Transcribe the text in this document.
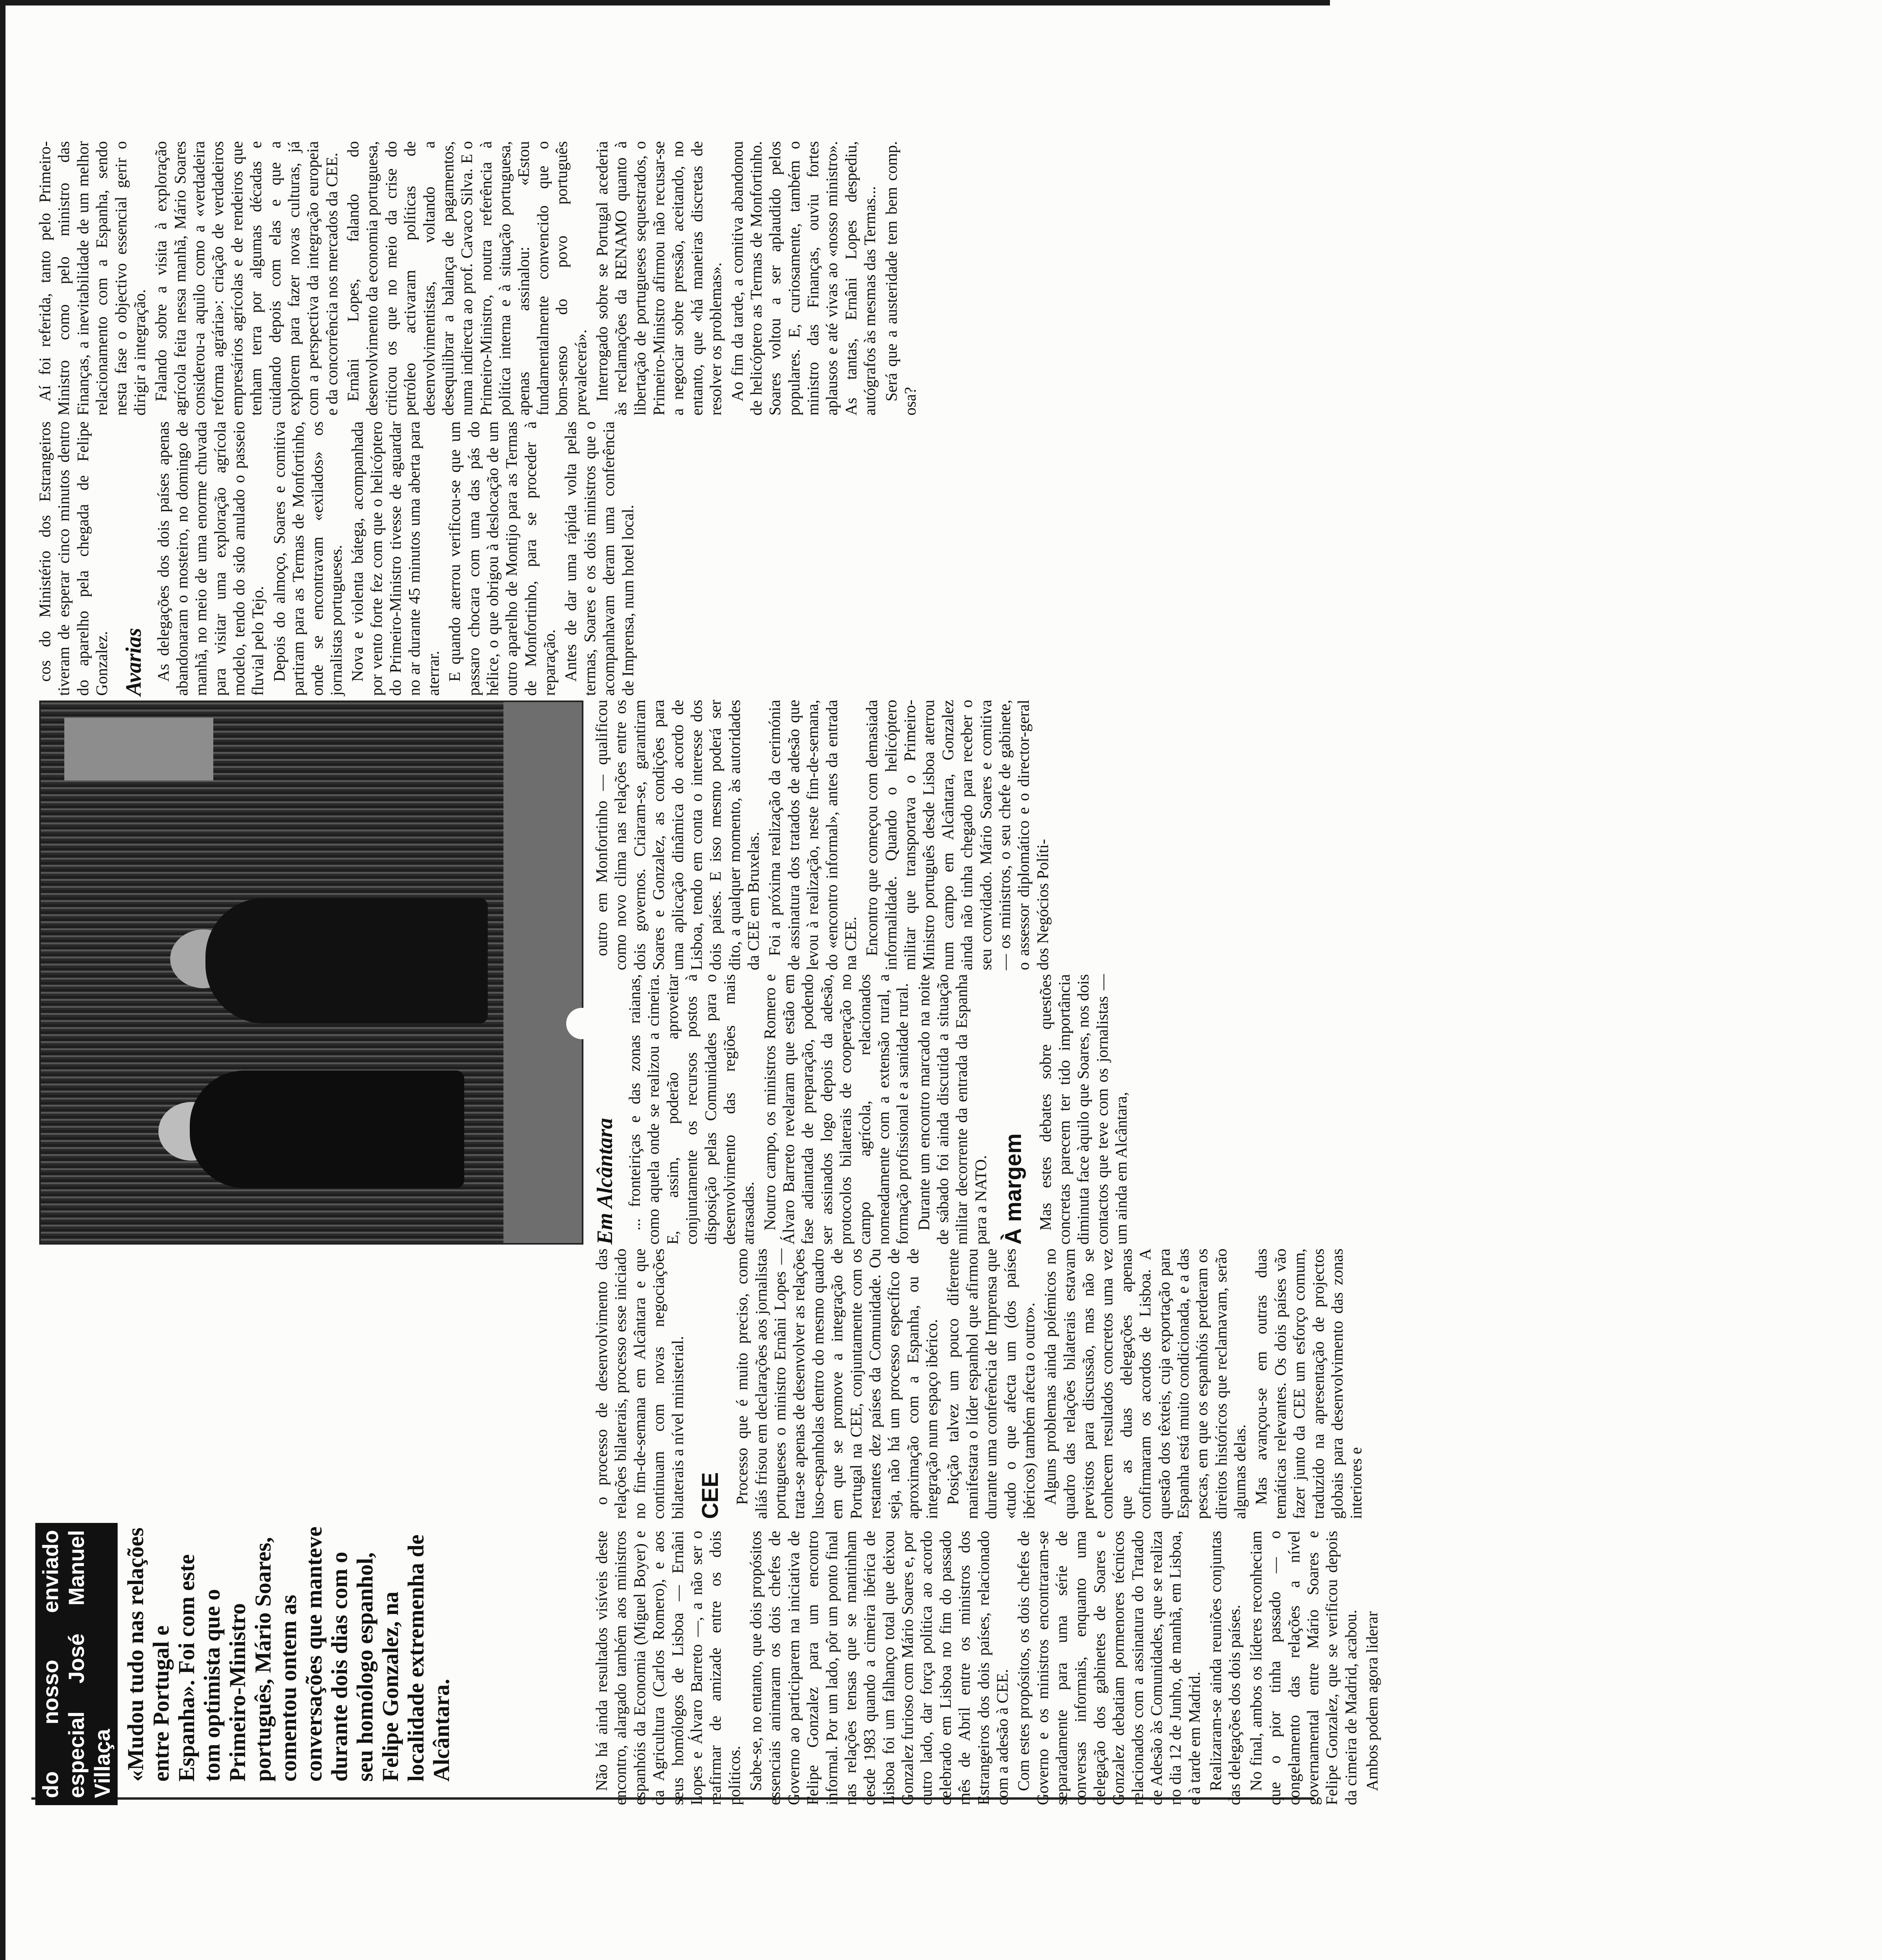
do nosso enviado especial José Manuel Villaça «Mudou tudo nas relações entre Portugal e Espanha». Foi com este tom optimista que o Primeiro-Ministro português, Mário Soares, comentou ontem as conversações que manteve durante dois dias com o seu homólogo espanhol, Felipe Gonzalez, na localidade extremenha de Alcântara.	Não há ainda resultados visíveis deste encontro, alargado também aos ministros espanhóis da Economia (Miguel Boyer) e da Agricultura (Carlos Romero), e aos seus homólogos de Lisboa — Ernâni Lopes e Álvaro Barreto —, a não ser o reafirmar de amizade entre os dois políticos. Sabe-se, no entanto, que dois propósitos essenciais animaram os dois chefes de Governo ao participarem na iniciativa de Felipe Gonzalez para um encontro informal. Por um lado, pôr um ponto final nas relações tensas que se mantinham desde 1983 quando a cimeira ibérica de Lisboa foi um falhanço total que deixou Gonzalez furioso com Mário Soares e, por outro lado, dar força política ao acordo celebrado em Lisboa no fim do passado mês de Abril entre os ministros dos Estrangeiros dos dois países, relacionado com a adesão à CEE. Com estes propósitos, os dois chefes de Governo e os ministros encontraram-se separadamente para uma série de conversas informais, enquanto uma delegação dos gabinetes de Soares e Gonzalez debatiam pormenores técnicos relacionados com a assinatura do Tratado de Adesão às Comunidades, que se realiza no dia 12 de Junho, de manhã, em Lisboa, e à tarde em Madrid. Realizaram-se ainda reuniões conjuntas das delegações dos dois países. No final, ambos os líderes reconheciam que o pior tinha passado — o congelamento das relações a nível governamental entre Mário Soares e Felipe Gonzalez, que se verificou depois da cimeira de Madrid, acabou. Ambos podem agora liderar

o processo de desenvolvimento das relações bilaterais, processo esse iniciado no fim-de-semana em Alcântara e que continuam com novas negociações bilaterais a nível ministerial. CEE Processo que é muito preciso, como aliás frisou em declarações aos jornalistas portugueses o ministro Ernâni Lopes — trata-se apenas de desenvolver as relações luso-espanholas dentro do mesmo quadro em que se promove a integração de Portugal na CEE, conjuntamente com os restantes dez países da Comunidade. Ou seja, não há um processo específico de aproximação com a Espanha, ou de integração num espaço ibérico. Posição talvez um pouco diferente manifestara o líder espanhol que afirmou durante uma conferência de Imprensa que «tudo o que afecta um (dos países ibéricos) também afecta o outro». Alguns problemas ainda polémicos no quadro das relações bilaterais estavam previstos para discussão, mas não se conhecem resultados concretos uma vez que as duas delegações apenas confirmaram os acordos de Lisboa. A questão dos têxteis, cuja exportação para Espanha está muito condicionada, e a das pescas, em que os espanhóis perderam os direitos históricos que reclamavam, serão algumas delas. Mas avançou-se em outras duas temáticas relevantes. Os dois países vão fazer junto da CEE um esforço comum, traduzido na apresentação de projectos globais para desenvolvimento das zonas interiores e

Em Alcântara ... fronteiriças e das zonas raianas, como aquela onde se realizou a cimeira. E, assim, poderão aproveitar conjuntamente os recursos postos à disposição pelas Comunidades para o desenvolvimento das regiões mais atrasadas. Noutro campo, os ministros Romero e Álvaro Barreto revelaram que estão em fase adiantada de preparação, podendo ser assinados logo depois da adesão, protocolos bilaterais de cooperação no campo agrícola, relacionados nomeadamente com a extensão rural, a formação profissional e a sanidade rural. Durante um encontro marcado na noite de sábado foi ainda discutida a situação militar decorrente da entrada da Espanha para a NATO. À margem Mas estes debates sobre questões concretas parecem ter tido importância diminuta face àquilo que Soares, nos dois contactos que teve com os jornalistas — um ainda em Alcântara,

outro em Monfortinho — qualificou como novo clima nas relações entre os dois governos. Criaram-se, garantiram Soares e Gonzalez, as condições para uma aplicação dinâmica do acordo de Lisboa, tendo em conta o interesse dos dois países. E isso mesmo poderá ser dito, a qualquer momento, às autoridades da CEE em Bruxelas. Foi a próxima realização da cerimónia de assinatura dos tratados de adesão que levou à realização, neste fim-de-semana, do «encontro informal», antes da entrada na CEE. Encontro que começou com demasiada informalidade. Quando o helicóptero militar que transportava o Primeiro-Ministro português desde Lisboa aterrou num campo em Alcântara, Gonzalez ainda não tinha chegado para receber o seu convidado. Mário Soares e comitiva — os ministros, o seu chefe de gabinete, o assessor diplomático e o director-geral dos Negócios Políti-

cos do Ministério dos Estrangeiros tiveram de esperar cinco minutos dentro do aparelho pela chegada de Felipe Gonzalez. Avarias As delegações dos dois países apenas abandonaram o mosteiro, no domingo de manhã, no meio de uma enorme chuvada para visitar uma exploração agrícola modelo, tendo do sido anulado o passeio fluvial pelo Tejo. Depois do almoço, Soares e comitiva partiram para as Termas de Monfortinho, onde se encontravam «exilados» os jornalistas portugueses. Nova e violenta bátega, acompanhada por vento forte fez com que o helicóptero do Primeiro-Ministro tivesse de aguardar no ar durante 45 minutos uma aberta para aterrar. E quando aterrou verificou-se que um passaro chocara com uma das pás do hélice, o que obrigou à deslocação de um outro aparelho de Montijo para as Termas de Monfortinho, para se proceder à reparação. Antes de dar uma rápida volta pelas termas, Soares e os dois ministros que o acompanhavam deram uma conferência de Imprensa, num hotel local.

Aí foi referida, tanto pelo Primeiro-Ministro como pelo ministro das Finanças, a inevitabilidade de um melhor relacionamento com a Espanha, sendo nesta fase o objectivo essencial gerir o dirigir a integração. Falando sobre a visita à exploração agrícola feita nessa manhã, Mário Soares considerou-a aquilo como a «verdadeira reforma agrária»: criação de verdadeiros empresários agrícolas e de rendeiros que tenham terra por algumas décadas e cuidando depois com elas e que a explorem para fazer novas culturas, já com a perspectiva da integração europeia e da concorrência nos mercados da CEE. Ernâni Lopes, falando do desenvolvimento da economia portuguesa, criticou os que no meio da crise do petróleo activaram políticas de desenvolvimentistas, voltando a desequilibrar a balança de pagamentos, numa indirecta ao prof. Cavaco Silva. E o Primeiro-Ministro, noutra referência à política interna e à situação portuguesa, apenas assinalou: «Estou fundamentalmente convencido que o bom-senso do povo português prevalecerá». Interrogado sobre se Portugal acederia às reclamações da RENAMO quanto à libertação de portugueses sequestrados, o Primeiro-Ministro afirmou não recusar-se a negociar sobre pressão, aceitando, no entanto, que «há maneiras discretas de resolver os problemas». Ao fim da tarde, a comitiva abandonou de helicóptero as Termas de Monfortinho. Soares voltou a ser aplaudido pelos populares. E, curiosamente, também o ministro das Finanças, ouviu fortes aplausos e até vivas ao «nosso ministro». As tantas, Ernâni Lopes despediu, autógrafos às mesmas das Termas... Será que a austeridade tem bem comp. osa?
